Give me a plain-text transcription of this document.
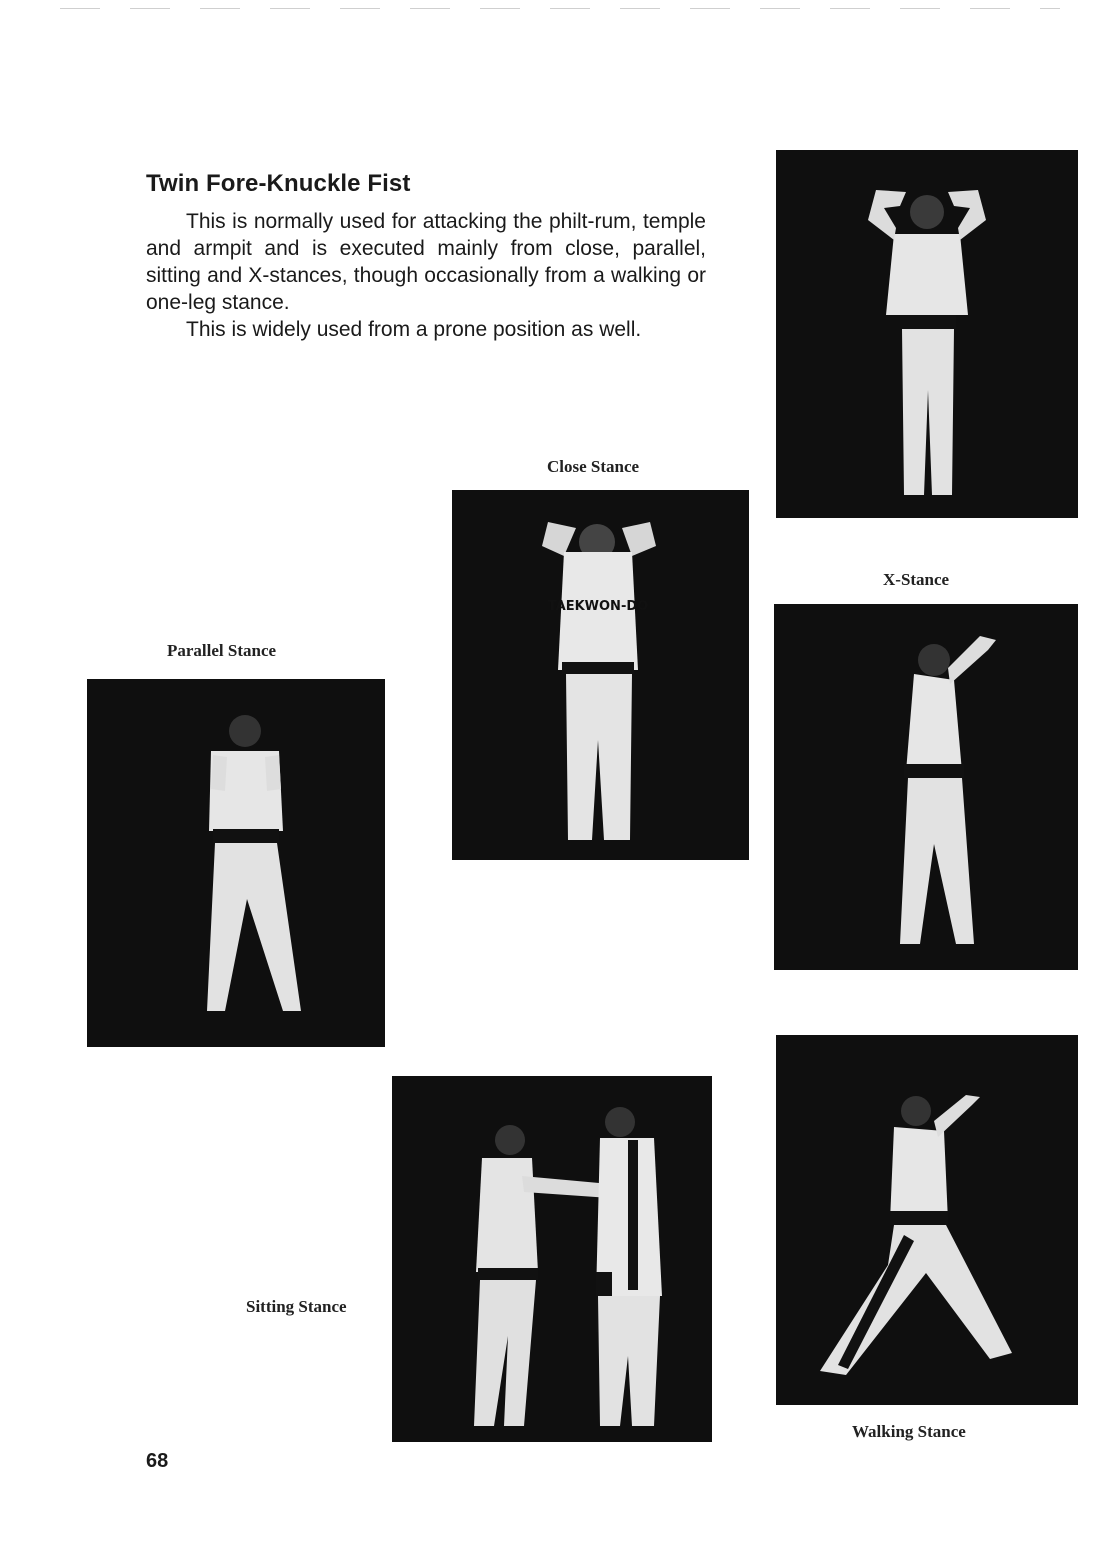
Twin Fore-Knuckle Fist

This is normally used for attacking the philt-rum, temple and armpit and is executed mainly from close, parallel, sitting and X-stances, though occasionally from a walking or one-leg stance.

This is widely used from a prone position as well.

X-Stance
Close Stance
TAEKWON-DO
Parallel Stance
Sitting Stance
Walking Stance
68
